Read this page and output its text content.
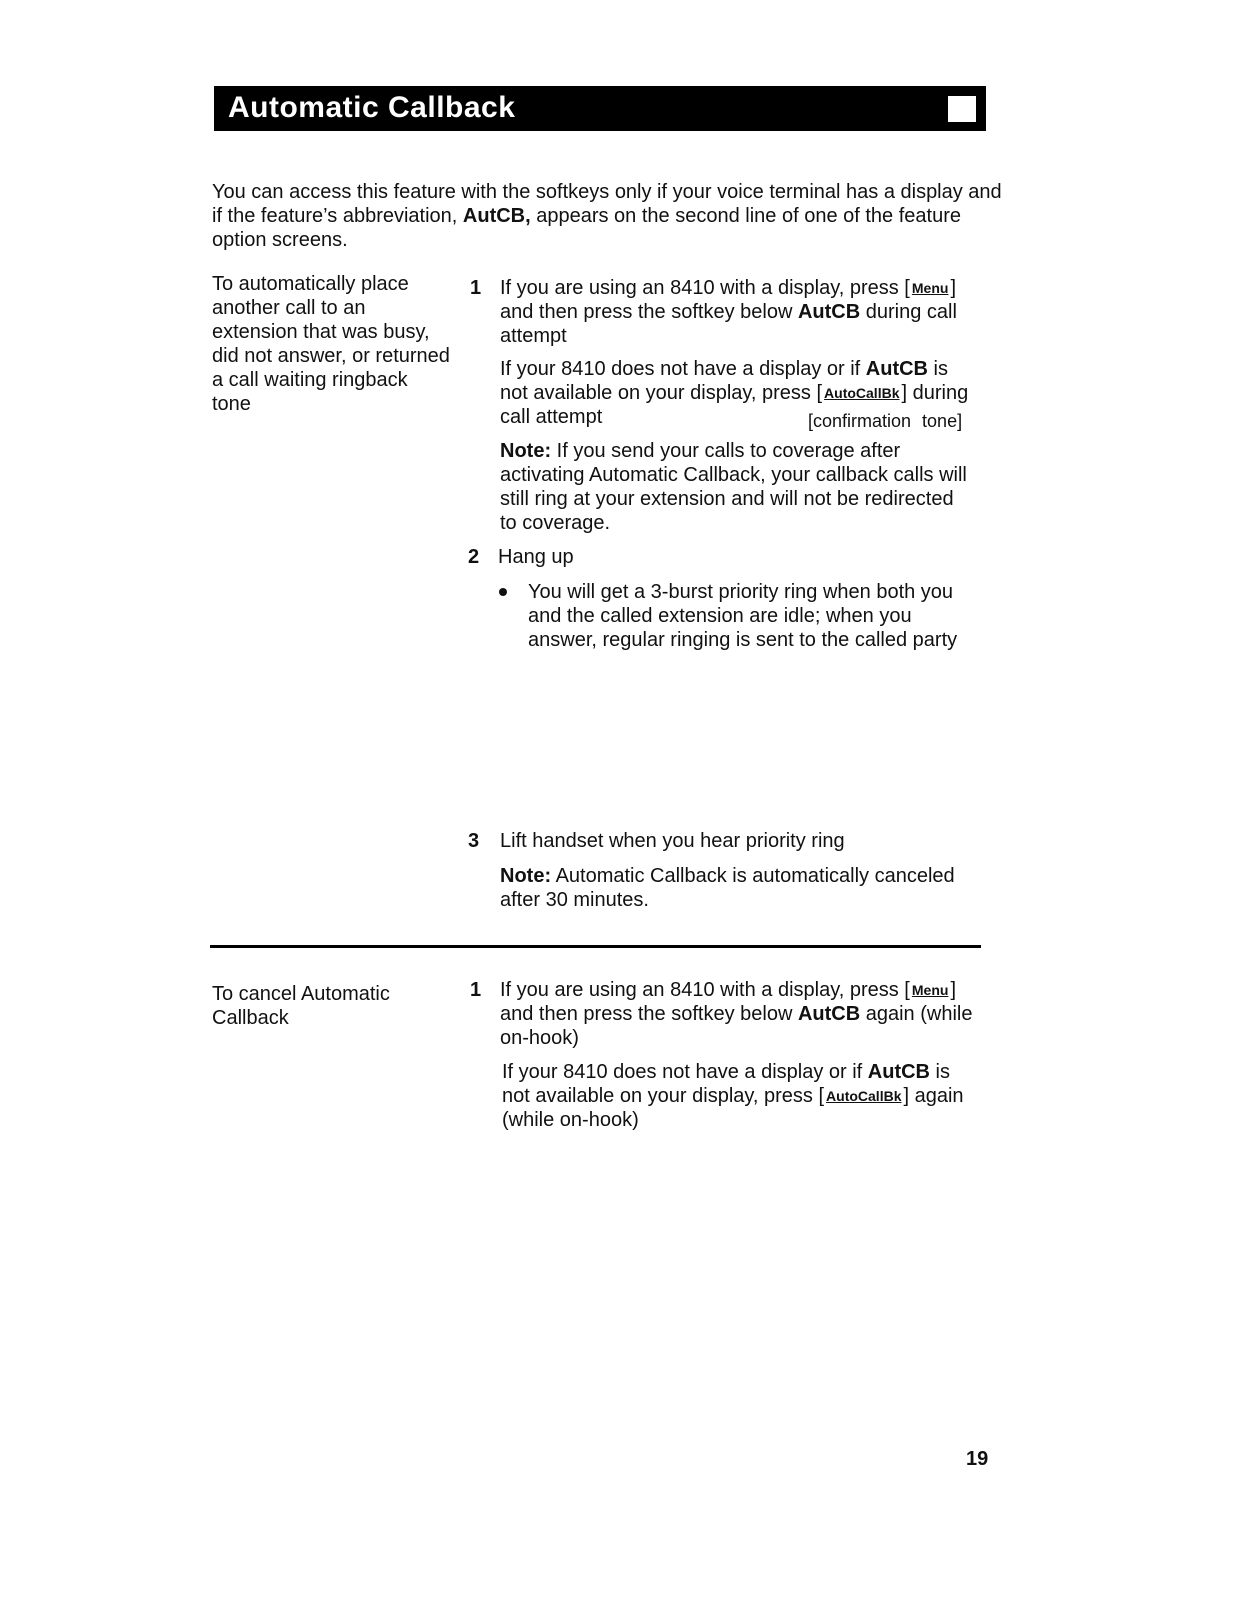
Automatic Callback
You can access this feature with the softkeys only if your voice terminal has a display and if the feature’s abbreviation, AutCB, appears on the second line of one of the feature option screens.
To automatically place another call to an extension that was busy, did not answer, or returned a call waiting ringback tone
1 If you are using an 8410 with a display, press [ Menu ] and then press the softkey below AutCB during call attempt
If your 8410 does not have a display or if AutCB is not available on your display, press [ AutoCallBk ] during call attempt	[confirmation tone]
Note: If you send your calls to coverage after activating Automatic Callback, your callback calls will still ring at your extension and will not be redirected to coverage.
2 Hang up
You will get a 3-burst priority ring when both you and the called extension are idle; when you answer, regular ringing is sent to the called party
3 Lift handset when you hear priority ring
Note: Automatic Callback is automatically canceled after 30 minutes.
To cancel Automatic Callback
1 If you are using an 8410 with a display, press [ Menu ] and then press the softkey below AutCB again (while on-hook)
If your 8410 does not have a display or if AutCB is not available on your display, press [ AutoCallBk ] again (while on-hook)
19
